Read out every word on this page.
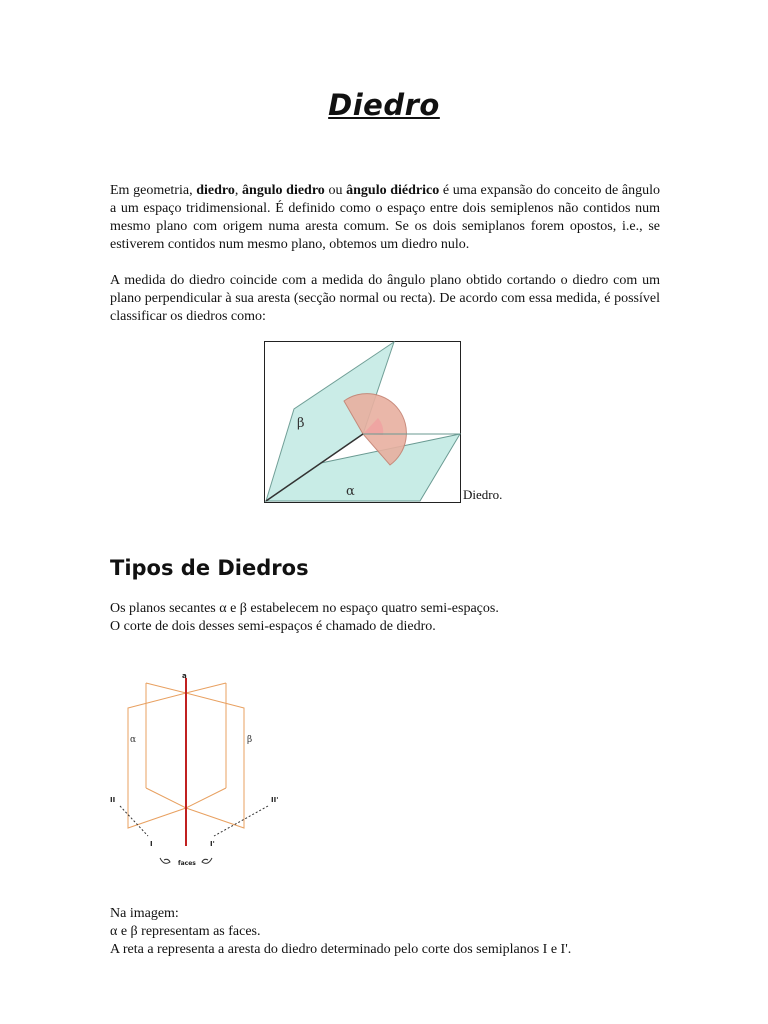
Diedro

Em geometria, diedro, ângulo diedro ou ângulo diédrico é uma expansão do conceito de ângulo a um espaço tridimensional. É definido como o espaço entre dois semiplenos não contidos num mesmo plano com origem numa aresta comum. Se os dois semiplanos forem opostos, i.e., se estiverem contidos num mesmo plano, obtemos um diedro nulo.

A medida do diedro coincide com a medida do ângulo plano obtido cortando o diedro com um plano perpendicular à sua aresta (secção normal ou recta). De acordo com essa medida, é possível classificar os diedros como:

β
α	Diedro.
Tipos de Diedros
Os planos secantes α e β estabelecem no espaço quatro semi-espaços.
O corte de dois desses semi-espaços é chamado de diedro.
a
α	β
II	II'
I	I'
faces
Na imagem:
α e β representam as faces.
A reta a representa a aresta do diedro determinado pelo corte dos semiplanos I e I'.
